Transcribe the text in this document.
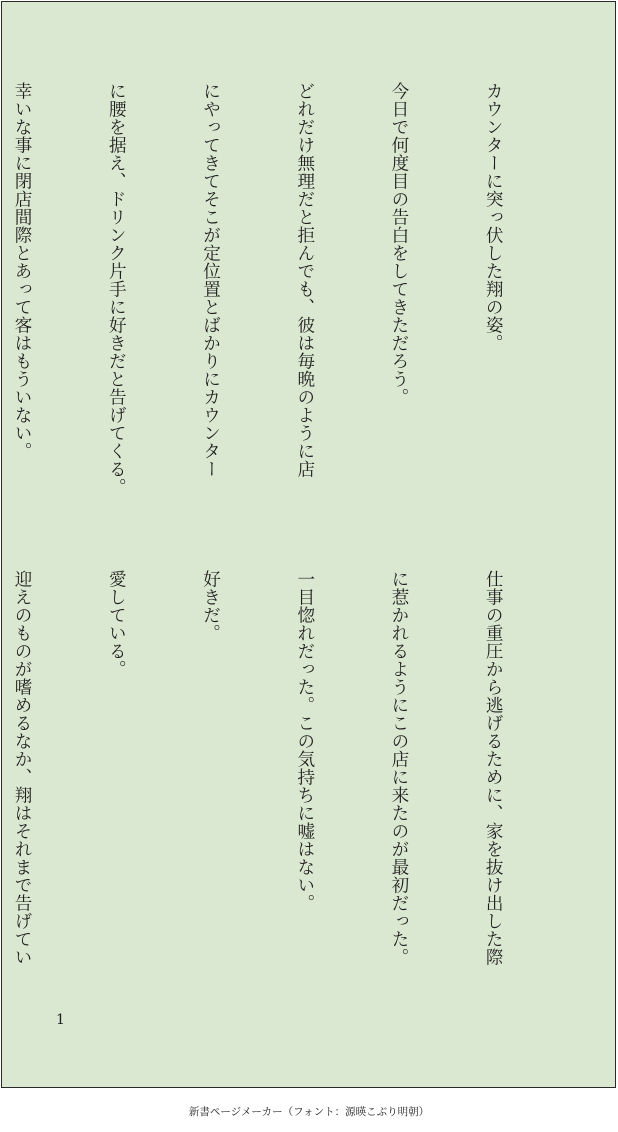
カウンターに突っ伏した翔の姿。

今日で何度目の告白をしてきただろう。

どれだけ無理だと拒んでも、彼は毎晩のように店

にやってきてそこが定位置とばかりにカウンター

に腰を据え、ドリンク片手に好きだと告げてくる。

幸いな事に閉店間際とあって客はもういない。

仕事の重圧から逃げるために、家を抜け出した際

に惹かれるようにこの店に来たのが最初だった。

一目惚れだった。この気持ちに嘘はない。

好きだ。

愛している。

迎えのものが嗜めるなか、翔はそれまで告げてい

1
新書ページメーカー（フォント：源暎こぶり明朝）
